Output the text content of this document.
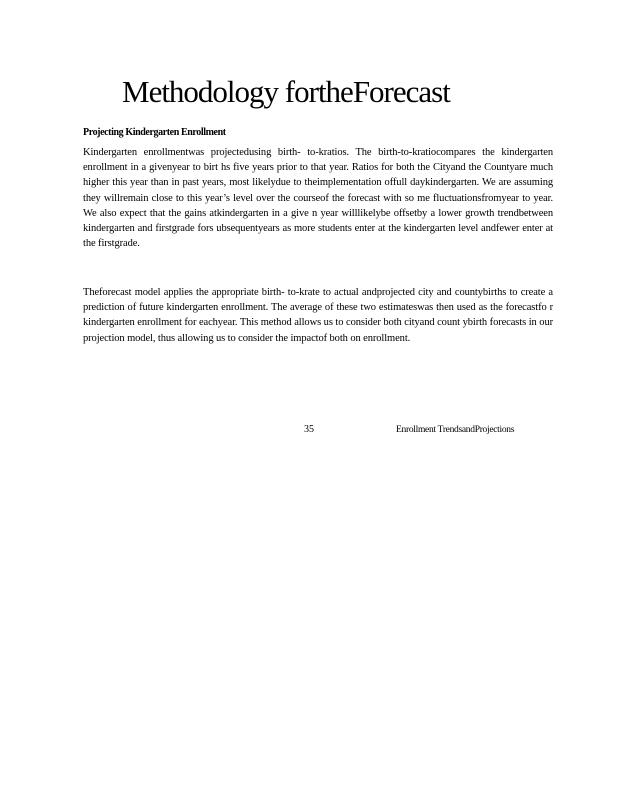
Methodology fortheForecast
Projecting Kindergarten Enrollment

Kindergarten enrollmentwas projectedusing birth- to-kratios. The birth-to-kratiocompares the kindergarten enrollment in a givenyear to birt hs five years prior to that year. Ratios for both the Cityand the Countyare much higher this year than in past years, most likelydue to theimplementation offull daykindergarten. We are assuming they willremain close to this year’s level over the courseof the forecast with so me fluctuationsfromyear to year. We also expect that the gains atkindergarten in a give n year willlikelybe offsetby a lower growth trendbetween kindergarten and firstgrade fors ubsequentyears as more students enter at the kindergarten level andfewer enter at the firstgrade.

Theforecast model applies the appropriate birth- to-krate to actual andprojected city and countybirths to create a prediction of future kindergarten enrollment. The average of these two estimateswas then used as the forecastfo r kindergarten enrollment for eachyear. This method allows us to consider both cityand count ybirth forecasts in our projection model, thus allowing us to consider the impactof both on enrollment.

35	Enrollment TrendsandProjections
